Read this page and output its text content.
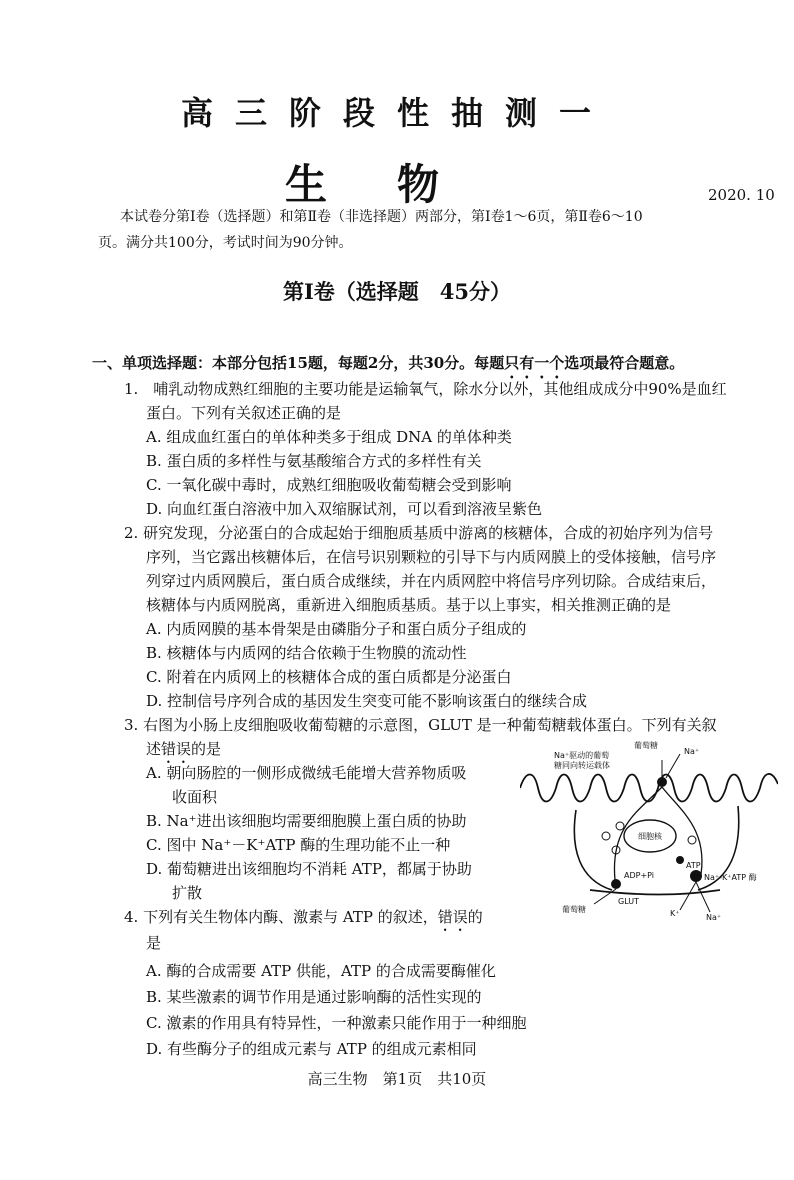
高三阶段性抽测一
生物	2020. 10
本试卷分第Ⅰ卷（选择题）和第Ⅱ卷（非选择题）两部分，第Ⅰ卷1～6页，第Ⅱ卷6～10
页。满分共100分，考试时间为90分钟。
第Ⅰ卷（选择题　45分）
一、单项选择题：本部分包括15题，每题2分，共30分。每题只有一个选项最符合题意。
1.　哺乳动物成熟红细胞的主要功能是运输氧气，除水分以外，其他组成成分中90%是血红
蛋白。下列有关叙述正确的是
A. 组成血红蛋白的单体种类多于组成 DNA 的单体种类
B. 蛋白质的多样性与氨基酸缩合方式的多样性有关
C. 一氧化碳中毒时，成熟红细胞吸收葡萄糖会受到影响
D. 向血红蛋白溶液中加入双缩脲试剂，可以看到溶液呈紫色
2. 研究发现，分泌蛋白的合成起始于细胞质基质中游离的核糖体，合成的初始序列为信号
序列，当它露出核糖体后，在信号识别颗粒的引导下与内质网膜上的受体接触，信号序
列穿过内质网膜后，蛋白质合成继续，并在内质网腔中将信号序列切除。合成结束后，
核糖体与内质网脱离，重新进入细胞质基质。基于以上事实，相关推测正确的是
A. 内质网膜的基本骨架是由磷脂分子和蛋白质分子组成的
B. 核糖体与内质网的结合依赖于生物膜的流动性
C. 附着在内质网上的核糖体合成的蛋白质都是分泌蛋白
D. 控制信号序列合成的基因发生突变可能不影响该蛋白的继续合成
3. 右图为小肠上皮细胞吸收葡萄糖的示意图，GLUT 是一种葡萄糖载体蛋白。下列有关叙
述错误的是
A. 朝向肠腔的一侧形成微绒毛能增大营养物质吸
收面积
B. Na⁺进出该细胞均需要细胞膜上蛋白质的协助
C. 图中 Na⁺－K⁺ATP 酶的生理功能不止一种
D. 葡萄糖进出该细胞均不消耗 ATP，都属于协助
扩散
细胞核
Na⁺驱动的葡萄
糖同向转运载体
葡萄糖
Na⁺
ADP+Pi
ATP
Na⁺-K⁺ATP 酶
葡萄糖
GLUT
K⁺	Na⁺
4. 下列有关生物体内酶、激素与 ATP 的叙述，错误的
是
A. 酶的合成需要 ATP 供能，ATP 的合成需要酶催化
B. 某些激素的调节作用是通过影响酶的活性实现的
C. 激素的作用具有特异性，一种激素只能作用于一种细胞
D. 有些酶分子的组成元素与 ATP 的组成元素相同
高三生物　第1页　共10页
